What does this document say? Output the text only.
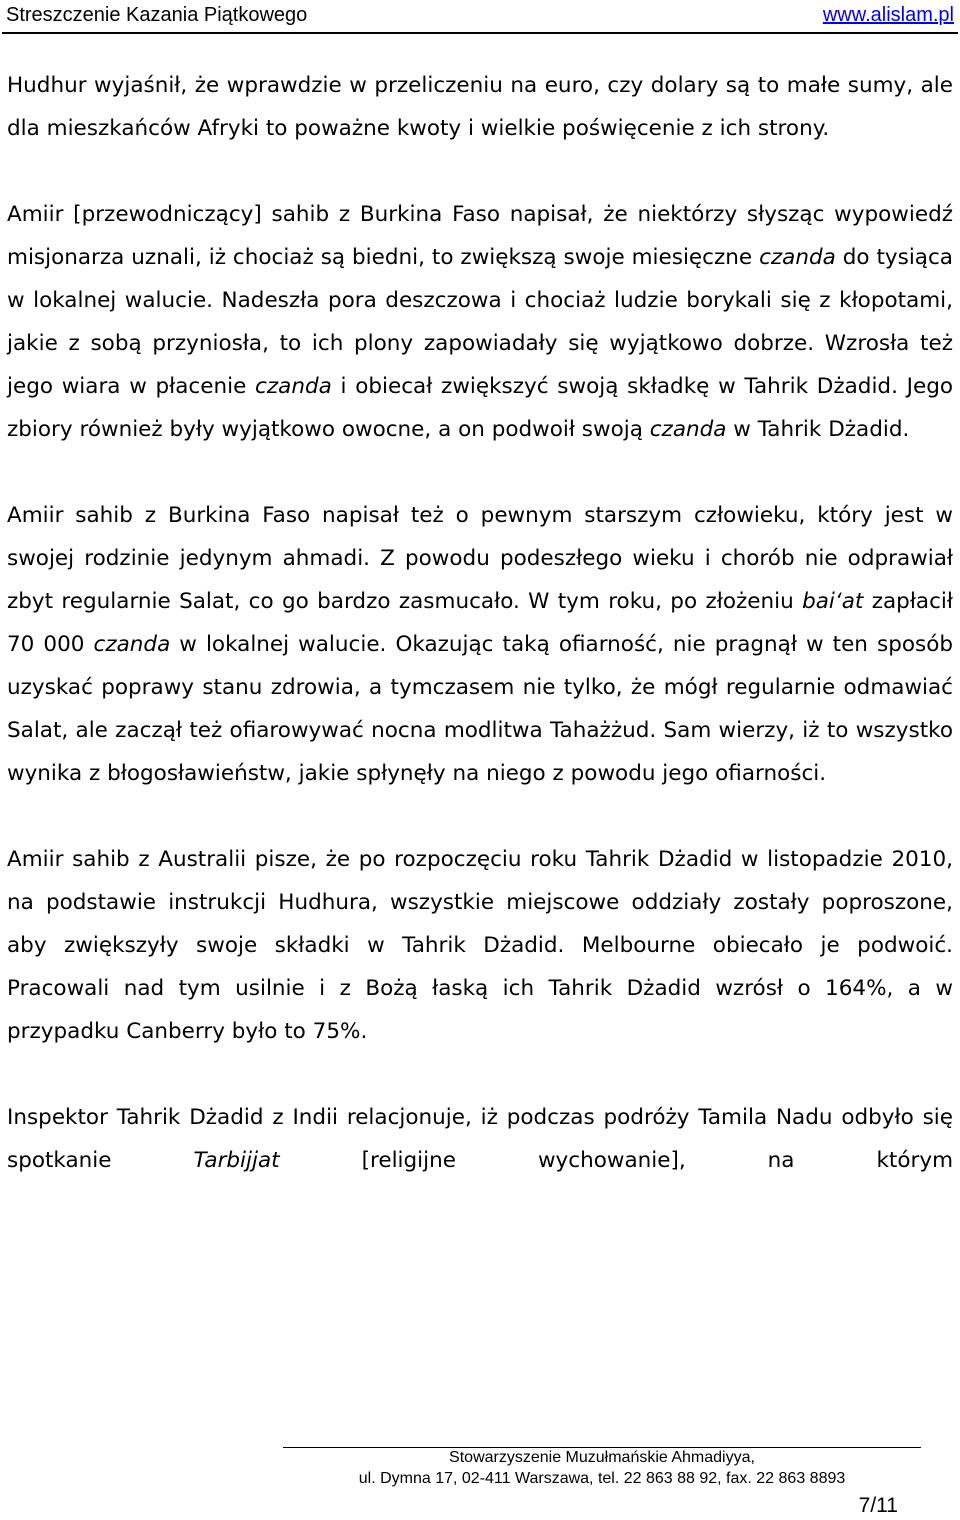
Streszczenie Kazania Piątkowego	www.alislam.pl

Hudhur wyjaśnił, że wprawdzie w przeliczeniu na euro, czy dolary są to małe sumy, ale dla mieszkańców Afryki to poważne kwoty i wielkie poświęcenie z ich strony.

Amiir [przewodniczący] sahib z Burkina Faso napisał, że niektórzy słysząc wypowiedź misjonarza uznali, iż chociaż są biedni, to zwiększą swoje miesięczne czanda do tysiąca w lokalnej walucie. Nadeszła pora deszczowa i chociaż ludzie borykali się z kłopotami, jakie z sobą przyniosła, to ich plony zapowiadały się wyjątkowo dobrze. Wzrosła też jego wiara w płacenie czanda i obiecał zwiększyć swoją składkę w Tahrik Dżadid. Jego zbiory również były wyjątkowo owocne, a on podwoił swoją czanda w Tahrik Dżadid.

Amiir sahib z Burkina Faso napisał też o pewnym starszym człowieku, który jest w swojej rodzinie jedynym ahmadi. Z powodu podeszłego wieku i chorób nie odprawiał zbyt regularnie Salat, co go bardzo zasmucało. W tym roku, po złożeniu bai‘at zapłacił 70 000 czanda w lokalnej walucie. Okazując taką ofiarność, nie pragnął w ten sposób uzyskać poprawy stanu zdrowia, a tymczasem nie tylko, że mógł regularnie odmawiać Salat, ale zaczął też ofiarowywać nocna modlitwa Tahażżud. Sam wierzy, iż to wszystko wynika z błogosławieństw, jakie spłynęły na niego z powodu jego ofiarności.

Amiir sahib z Australii pisze, że po rozpoczęciu roku Tahrik Dżadid w listopadzie 2010, na podstawie instrukcji Hudhura, wszystkie miejscowe oddziały zostały poproszone, aby zwiększyły swoje składki w Tahrik Dżadid. Melbourne obiecało je podwoić. Pracowali nad tym usilnie i z Bożą łaską ich Tahrik Dżadid wzrósł o 164%, a w przypadku Canberry było to 75%.

Inspektor Tahrik Dżadid z Indii relacjonuje, iż podczas podróży Tamila Nadu odbyło się spotkanie Tarbijjat [religijne wychowanie], na którym

Stowarzyszenie Muzułmańskie Ahmadiyya,
ul. Dymna 17, 02-411 Warszawa, tel. 22 863 88 92, fax. 22 863 8893
7/11
